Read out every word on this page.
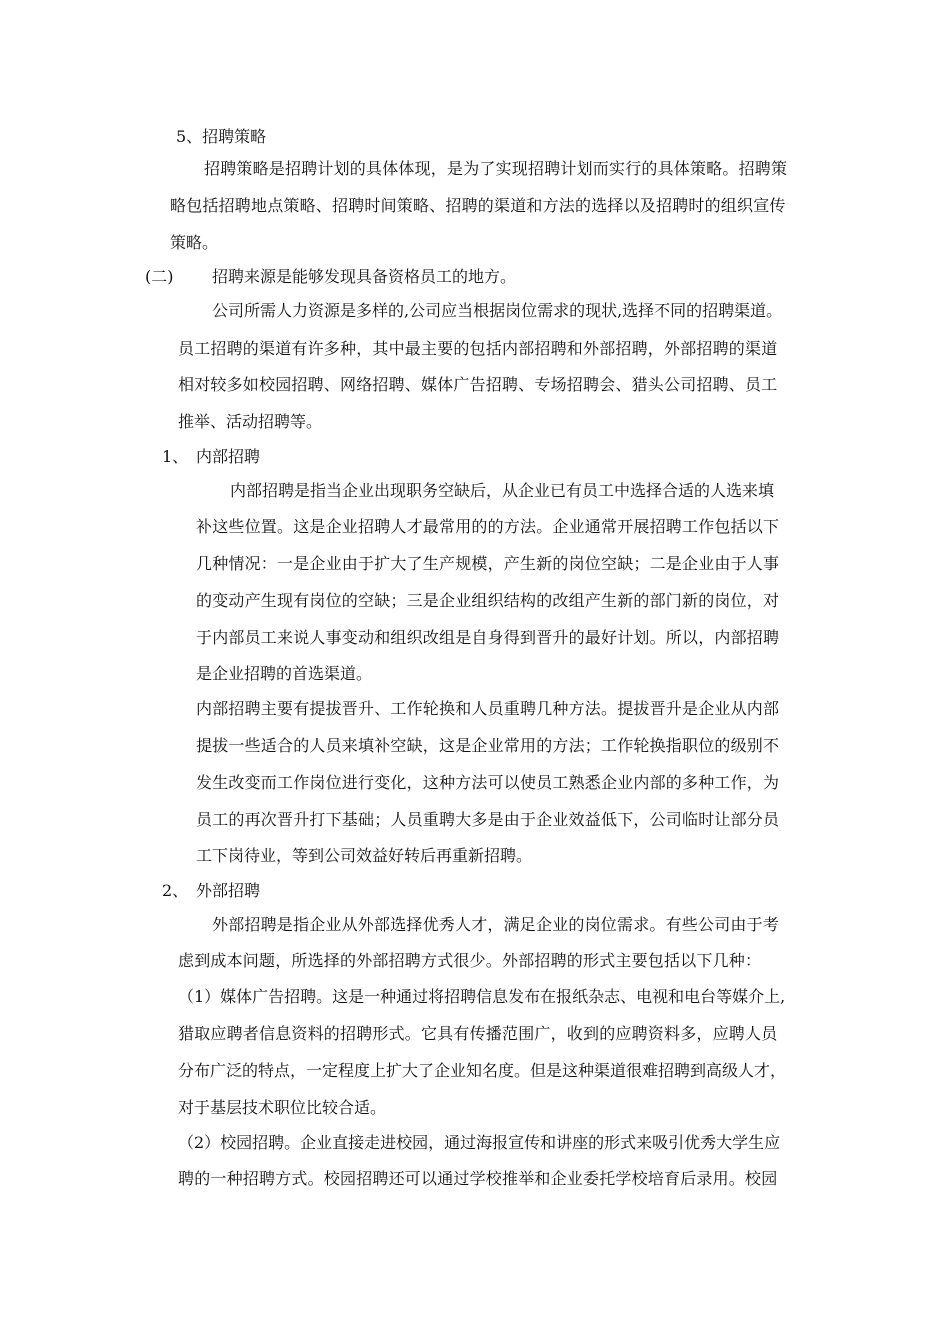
5、招聘策略
招聘策略是招聘计划的具体体现，是为了实现招聘计划而实行的具体策略。招聘策
略包括招聘地点策略、招聘时间策略、招聘的渠道和方法的选择以及招聘时的组织宣传
策略。
(二) 招聘来源是能够发现具备资格员工的地方。
公司所需人力资源是多样的,公司应当根据岗位需求的现状,选择不同的招聘渠道。
员工招聘的渠道有许多种，其中最主要的包括内部招聘和外部招聘，外部招聘的渠道
相对较多如校园招聘、网络招聘、媒体广告招聘、专场招聘会、猎头公司招聘、员工
推举、活动招聘等。
1、 内部招聘
内部招聘是指当企业出现职务空缺后，从企业已有员工中选择合适的人选来填
补这些位置。这是企业招聘人才最常用的的方法。企业通常开展招聘工作包括以下
几种情况：一是企业由于扩大了生产规模，产生新的岗位空缺；二是企业由于人事
的变动产生现有岗位的空缺；三是企业组织结构的改组产生新的部门新的岗位，对
于内部员工来说人事变动和组织改组是自身得到晋升的最好计划。所以，内部招聘
是企业招聘的首选渠道。
内部招聘主要有提拔晋升、工作轮换和人员重聘几种方法。提拔晋升是企业从内部
提拔一些适合的人员来填补空缺，这是企业常用的方法；工作轮换指职位的级别不
发生改变而工作岗位进行变化，这种方法可以使员工熟悉企业内部的多种工作，为
员工的再次晋升打下基础；人员重聘大多是由于企业效益低下，公司临时让部分员
工下岗待业，等到公司效益好转后再重新招聘。
2、 外部招聘
外部招聘是指企业从外部选择优秀人才，满足企业的岗位需求。有些公司由于考
虑到成本问题，所选择的外部招聘方式很少。外部招聘的形式主要包括以下几种：
（1）媒体广告招聘。这是一种通过将招聘信息发布在报纸杂志、电视和电台等媒介上,
猎取应聘者信息资料的招聘形式。它具有传播范围广，收到的应聘资料多，应聘人员
分布广泛的特点，一定程度上扩大了企业知名度。但是这种渠道很难招聘到高级人才，
对于基层技术职位比较合适。
（2）校园招聘。企业直接走进校园，通过海报宣传和讲座的形式来吸引优秀大学生应
聘的一种招聘方式。校园招聘还可以通过学校推举和企业委托学校培育后录用。校园
